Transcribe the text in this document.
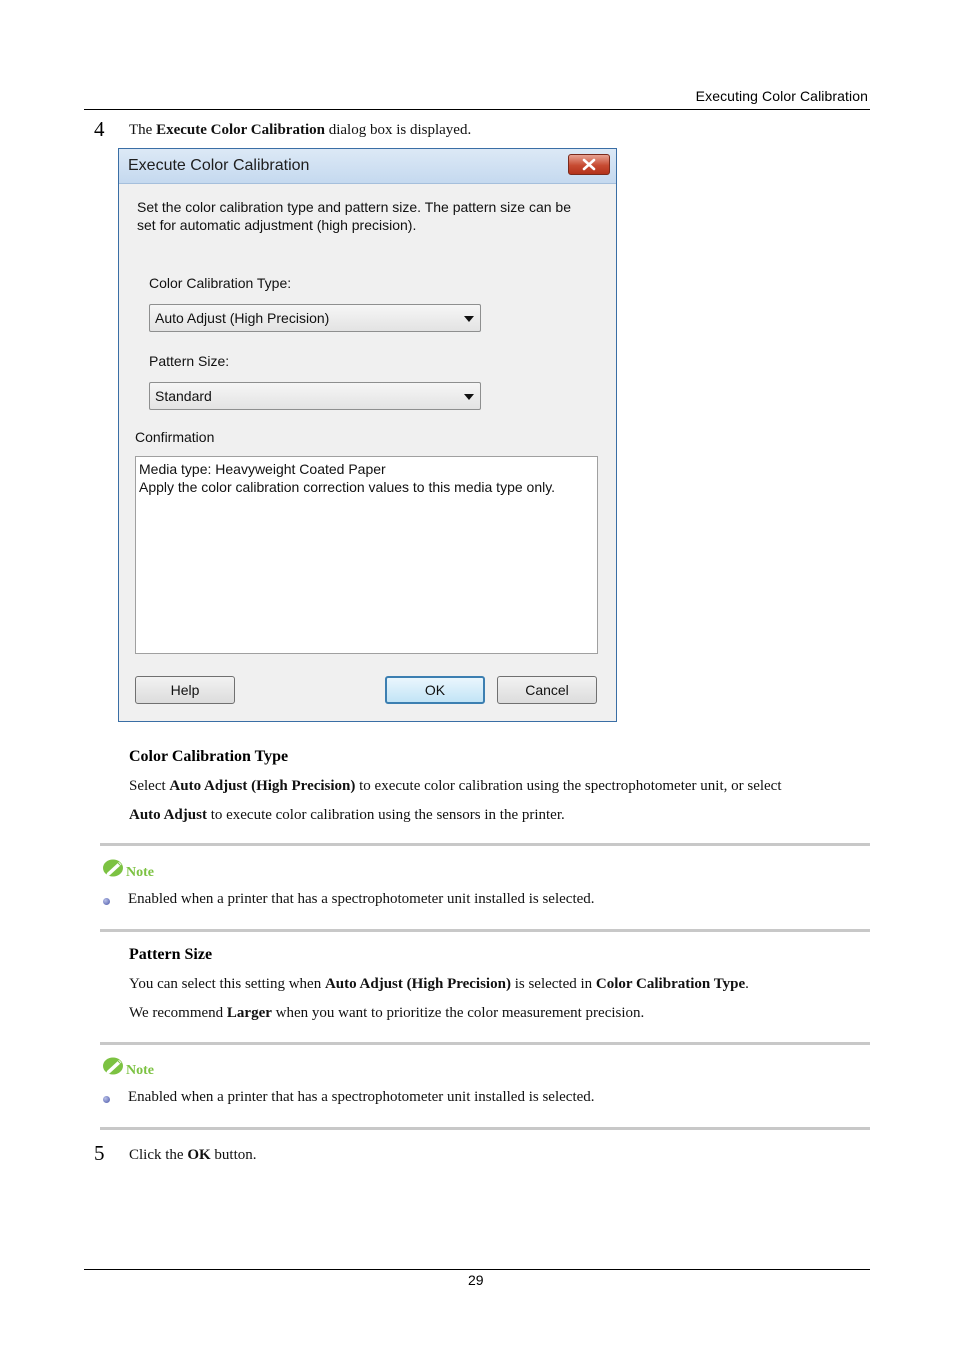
Executing Color Calibration
4 The Execute Color Calibration dialog box is displayed.
Execute Color Calibration
Set the color calibration type and pattern size. The pattern size can be
set for automatic adjustment (high precision).
Color Calibration Type:
Auto Adjust (High Precision)
Pattern Size:
Standard
Confirmation
Media type: Heavyweight Coated Paper
Apply the color calibration correction values to this media type only.
Help	OK	Cancel
Color Calibration Type
Select Auto Adjust (High Precision) to execute color calibration using the spectrophotometer unit, or select
Auto Adjust to execute color calibration using the sensors in the printer.
Note
Enabled when a printer that has a spectrophotometer unit installed is selected.
Pattern Size
You can select this setting when Auto Adjust (High Precision) is selected in Color Calibration Type.
We recommend Larger when you want to prioritize the color measurement precision.
Note
Enabled when a printer that has a spectrophotometer unit installed is selected.
5 Click the OK button.
29
